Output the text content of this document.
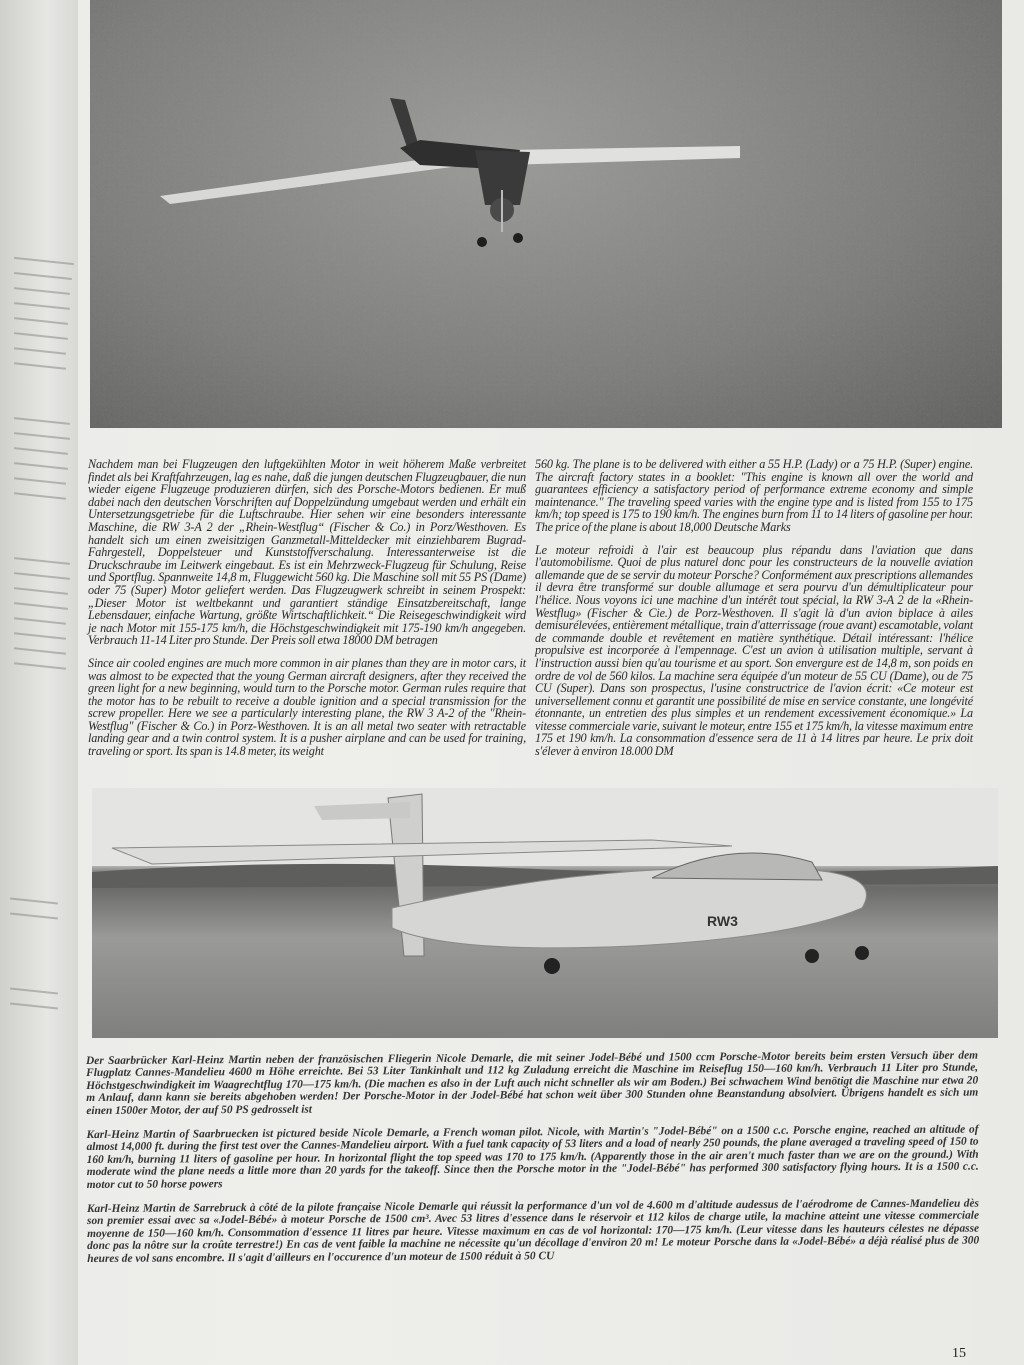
Nachdem man bei Flugzeugen den luftgekühlten Motor in weit höherem Maße verbreitet findet als bei Kraftfahrzeugen, lag es nahe, daß die jungen deutschen Flugzeugbauer, die nun wieder eigene Flugzeuge produzieren dürfen, sich des Porsche-Motors bedienen. Er muß dabei nach den deutschen Vorschriften auf Doppelzündung umgebaut werden und erhält ein Untersetzungsgetriebe für die Luftschraube. Hier sehen wir eine besonders interessante Maschine, die RW 3-A 2 der „Rhein-Westflug“ (Fischer & Co.) in Porz/Westhoven. Es handelt sich um einen zweisitzigen Ganzmetall-Mitteldecker mit einziehbarem Bugrad-Fahrgestell, Doppelsteuer und Kunststoffverschalung. Interessanterweise ist die Druckschraube im Leitwerk eingebaut. Es ist ein Mehrzweck-Flugzeug für Schulung, Reise und Sportflug. Spannweite 14,8 m, Fluggewicht 560 kg. Die Maschine soll mit 55 PS (Dame) oder 75 (Super) Motor geliefert werden. Das Flugzeugwerk schreibt in seinem Prospekt: „Dieser Motor ist weltbekannt und garantiert ständige Einsatzbereitschaft, lange Lebensdauer, einfache Wartung, größte Wirtschaftlichkeit.“ Die Reisegeschwindigkeit wird je nach Motor mit 155-175 km/h, die Höchstgeschwindigkeit mit 175-190 km/h angegeben. Verbrauch 11-14 Liter pro Stunde. Der Preis soll etwa 18000 DM betragen

Since air cooled engines are much more common in air planes than they are in motor cars, it was almost to be expected that the young German aircraft designers, after they received the green light for a new beginning, would turn to the Porsche motor. German rules require that the motor has to be rebuilt to receive a double ignition and a special transmission for the screw propeller. Here we see a particularly interesting plane, the RW 3 A-2 of the "Rhein-Westflug" (Fischer & Co.) in Porz-Westhoven. It is an all metal two seater with retractable landing gear and a twin control system. It is a pusher airplane and can be used for training, traveling or sport. Its span is 14.8 meter, its weight

560 kg. The plane is to be delivered with either a 55 H.P. (Lady) or a 75 H.P. (Super) engine. The aircraft factory states in a booklet: "This engine is known all over the world and guarantees efficiency a satisfactory period of performance extreme economy and simple maintenance." The traveling speed varies with the engine type and is listed from 155 to 175 km/h; top speed is 175 to 190 km/h. The engines burn from 11 to 14 liters of gasoline per hour. The price of the plane is about 18,000 Deutsche Marks

Le moteur refroidi à l'air est beaucoup plus répandu dans l'aviation que dans l'automobilisme. Quoi de plus naturel donc pour les constructeurs de la nouvelle aviation allemande que de se servir du moteur Porsche? Conformément aux prescriptions allemandes il devra être transformé sur double allumage et sera pourvu d'un démultiplicateur pour l'hélice. Nous voyons ici une machine d'un intérêt tout spécial, la RW 3-A 2 de la «Rhein-Westflug» (Fischer & Cie.) de Porz-Westhoven. Il s'agit là d'un avion biplace à ailes demisurélevées, entièrement métallique, train d'atterrissage (roue avant) escamotable, volant de commande double et revêtement en matière synthétique. Détail intéressant: l'hélice propulsive est incorporée à l'empennage. C'est un avion à utilisation multiple, servant à l'instruction aussi bien qu'au tourisme et au sport. Son envergure est de 14,8 m, son poids en ordre de vol de 560 kilos. La machine sera équipée d'un moteur de 55 CU (Dame), ou de 75 CU (Super). Dans son prospectus, l'usine constructrice de l'avion écrit: «Ce moteur est universellement connu et garantit une possibilité de mise en service constante, une longévité étonnante, un entretien des plus simples et un rendement excessivement économique.» La vitesse commerciale varie, suivant le moteur, entre 155 et 175 km/h, la vitesse maximum entre 175 et 190 km/h. La consommation d'essence sera de 11 à 14 litres par heure. Le prix doit s'élever à environ 18.000 DM

RW3

Der Saarbrücker Karl-Heinz Martin neben der französischen Fliegerin Nicole Demarle, die mit seiner Jodel-Bébé und 1500 ccm Porsche-Motor bereits beim ersten Versuch über dem Flugplatz Cannes-Mandelieu 4600 m Höhe erreichte. Bei 53 Liter Tankinhalt und 112 kg Zuladung erreicht die Maschine im Reiseflug 150—160 km/h. Verbrauch 11 Liter pro Stunde, Höchstgeschwindigkeit im Waagrechtflug 170—175 km/h. (Die machen es also in der Luft auch nicht schneller als wir am Boden.) Bei schwachem Wind benötigt die Maschine nur etwa 20 m Anlauf, dann kann sie bereits abgehoben werden! Der Porsche-Motor in der Jodel-Bébé hat schon weit über 300 Stunden ohne Beanstandung absolviert. Übrigens handelt es sich um einen 1500er Motor, der auf 50 PS gedrosselt ist

Karl-Heinz Martin of Saarbruecken ist pictured beside Nicole Demarle, a French woman pilot. Nicole, with Martin's "Jodel-Bébé" on a 1500 c.c. Porsche engine, reached an altitude of almost 14,000 ft. during the first test over the Cannes-Mandelieu airport. With a fuel tank capacity of 53 liters and a load of nearly 250 pounds, the plane averaged a traveling speed of 150 to 160 km/h, burning 11 liters of gasoline per hour. In horizontal flight the top speed was 170 to 175 km/h. (Apparently those in the air aren't much faster than we are on the ground.) With moderate wind the plane needs a little more than 20 yards for the takeoff. Since then the Porsche motor in the "Jodel-Bébé" has performed 300 satisfactory flying hours. It is a 1500 c.c. motor cut to 50 horse powers

Karl-Heinz Martin de Sarrebruck à côté de la pilote française Nicole Demarle qui réussit la performance d'un vol de 4.600 m d'altitude audessus de l'aérodrome de Cannes-Mandelieu dès son premier essai avec sa «Jodel-Bébé» à moteur Porsche de 1500 cm³. Avec 53 litres d'essence dans le réservoir et 112 kilos de charge utile, la machine atteint une vitesse commerciale moyenne de 150—160 km/h. Consommation d'essence 11 litres par heure. Vitesse maximum en cas de vol horizontal: 170—175 km/h. (Leur vitesse dans les hauteurs célestes ne dépasse donc pas la nôtre sur la croûte terrestre!) En cas de vent faible la machine ne nécessite qu'un décollage d'environ 20 m! Le moteur Porsche dans la «Jodel-Bébé» a déjà réalisé plus de 300 heures de vol sans encombre. Il s'agit d'ailleurs en l'occurence d'un moteur de 1500 réduit à 50 CU

15
